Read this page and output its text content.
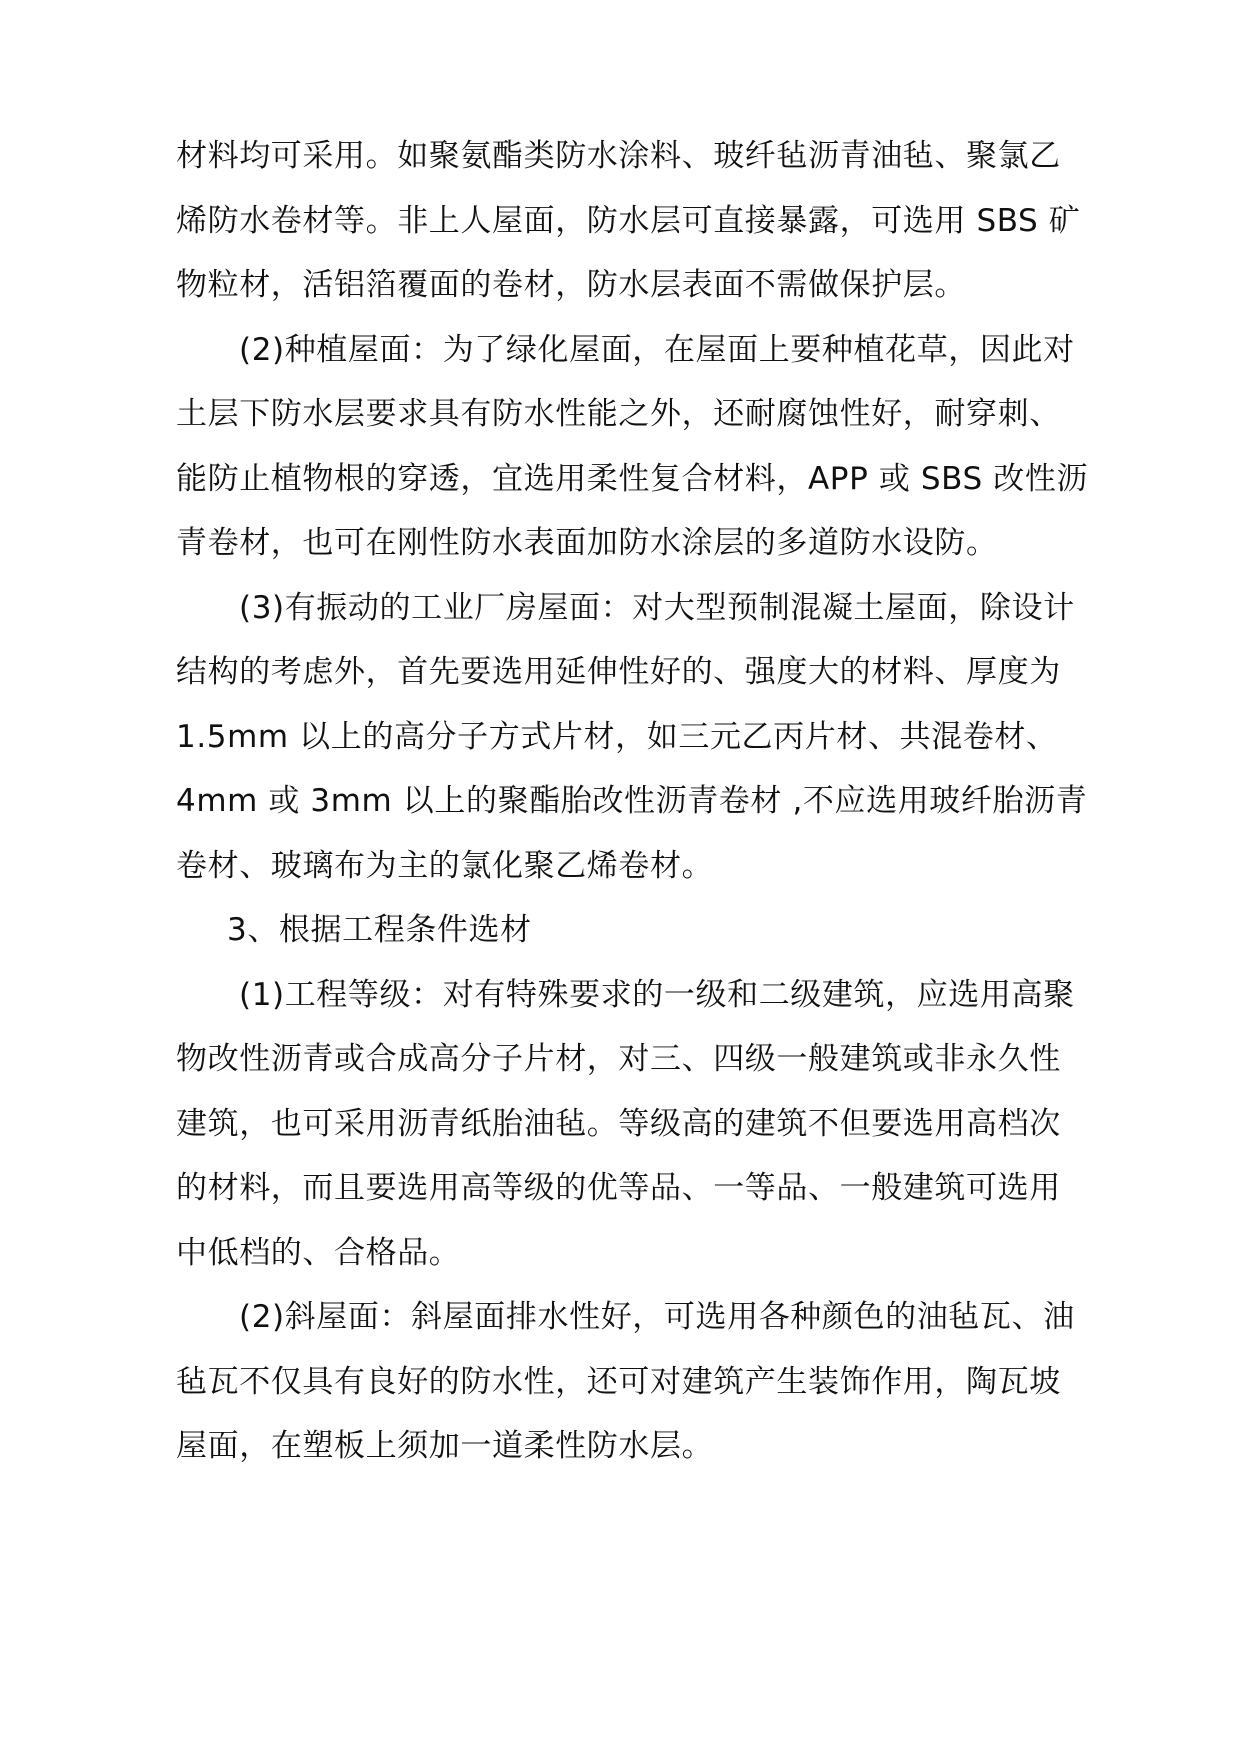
材料均可采用。如聚氨酯类防水涂料、玻纤毡沥青油毡、聚氯乙
烯防水卷材等。非上人屋面，防水层可直接暴露，可选用 SBS 矿
物粒材，活铝箔覆面的卷材，防水层表面不需做保护层。
(2)种植屋面：为了绿化屋面，在屋面上要种植花草，因此对
土层下防水层要求具有防水性能之外，还耐腐蚀性好，耐穿刺、
能防止植物根的穿透，宜选用柔性复合材料，APP 或 SBS 改性沥
青卷材，也可在刚性防水表面加防水涂层的多道防水设防。
(3)有振动的工业厂房屋面：对大型预制混凝土屋面，除设计
结构的考虑外，首先要选用延伸性好的、强度大的材料、厚度为
1.5mm 以上的高分子方式片材，如三元乙丙片材、共混卷材、
4mm 或 3mm 以上的聚酯胎改性沥青卷材 ,不应选用玻纤胎沥青
卷材、玻璃布为主的氯化聚乙烯卷材。
3、根据工程条件选材
(1)工程等级：对有特殊要求的一级和二级建筑，应选用高聚
物改性沥青或合成高分子片材，对三、四级一般建筑或非永久性
建筑，也可采用沥青纸胎油毡。等级高的建筑不但要选用高档次
的材料，而且要选用高等级的优等品、一等品、一般建筑可选用
中低档的、合格品。
(2)斜屋面：斜屋面排水性好，可选用各种颜色的油毡瓦、油
毡瓦不仅具有良好的防水性，还可对建筑产生装饰作用，陶瓦坡
屋面，在塑板上须加一道柔性防水层。
